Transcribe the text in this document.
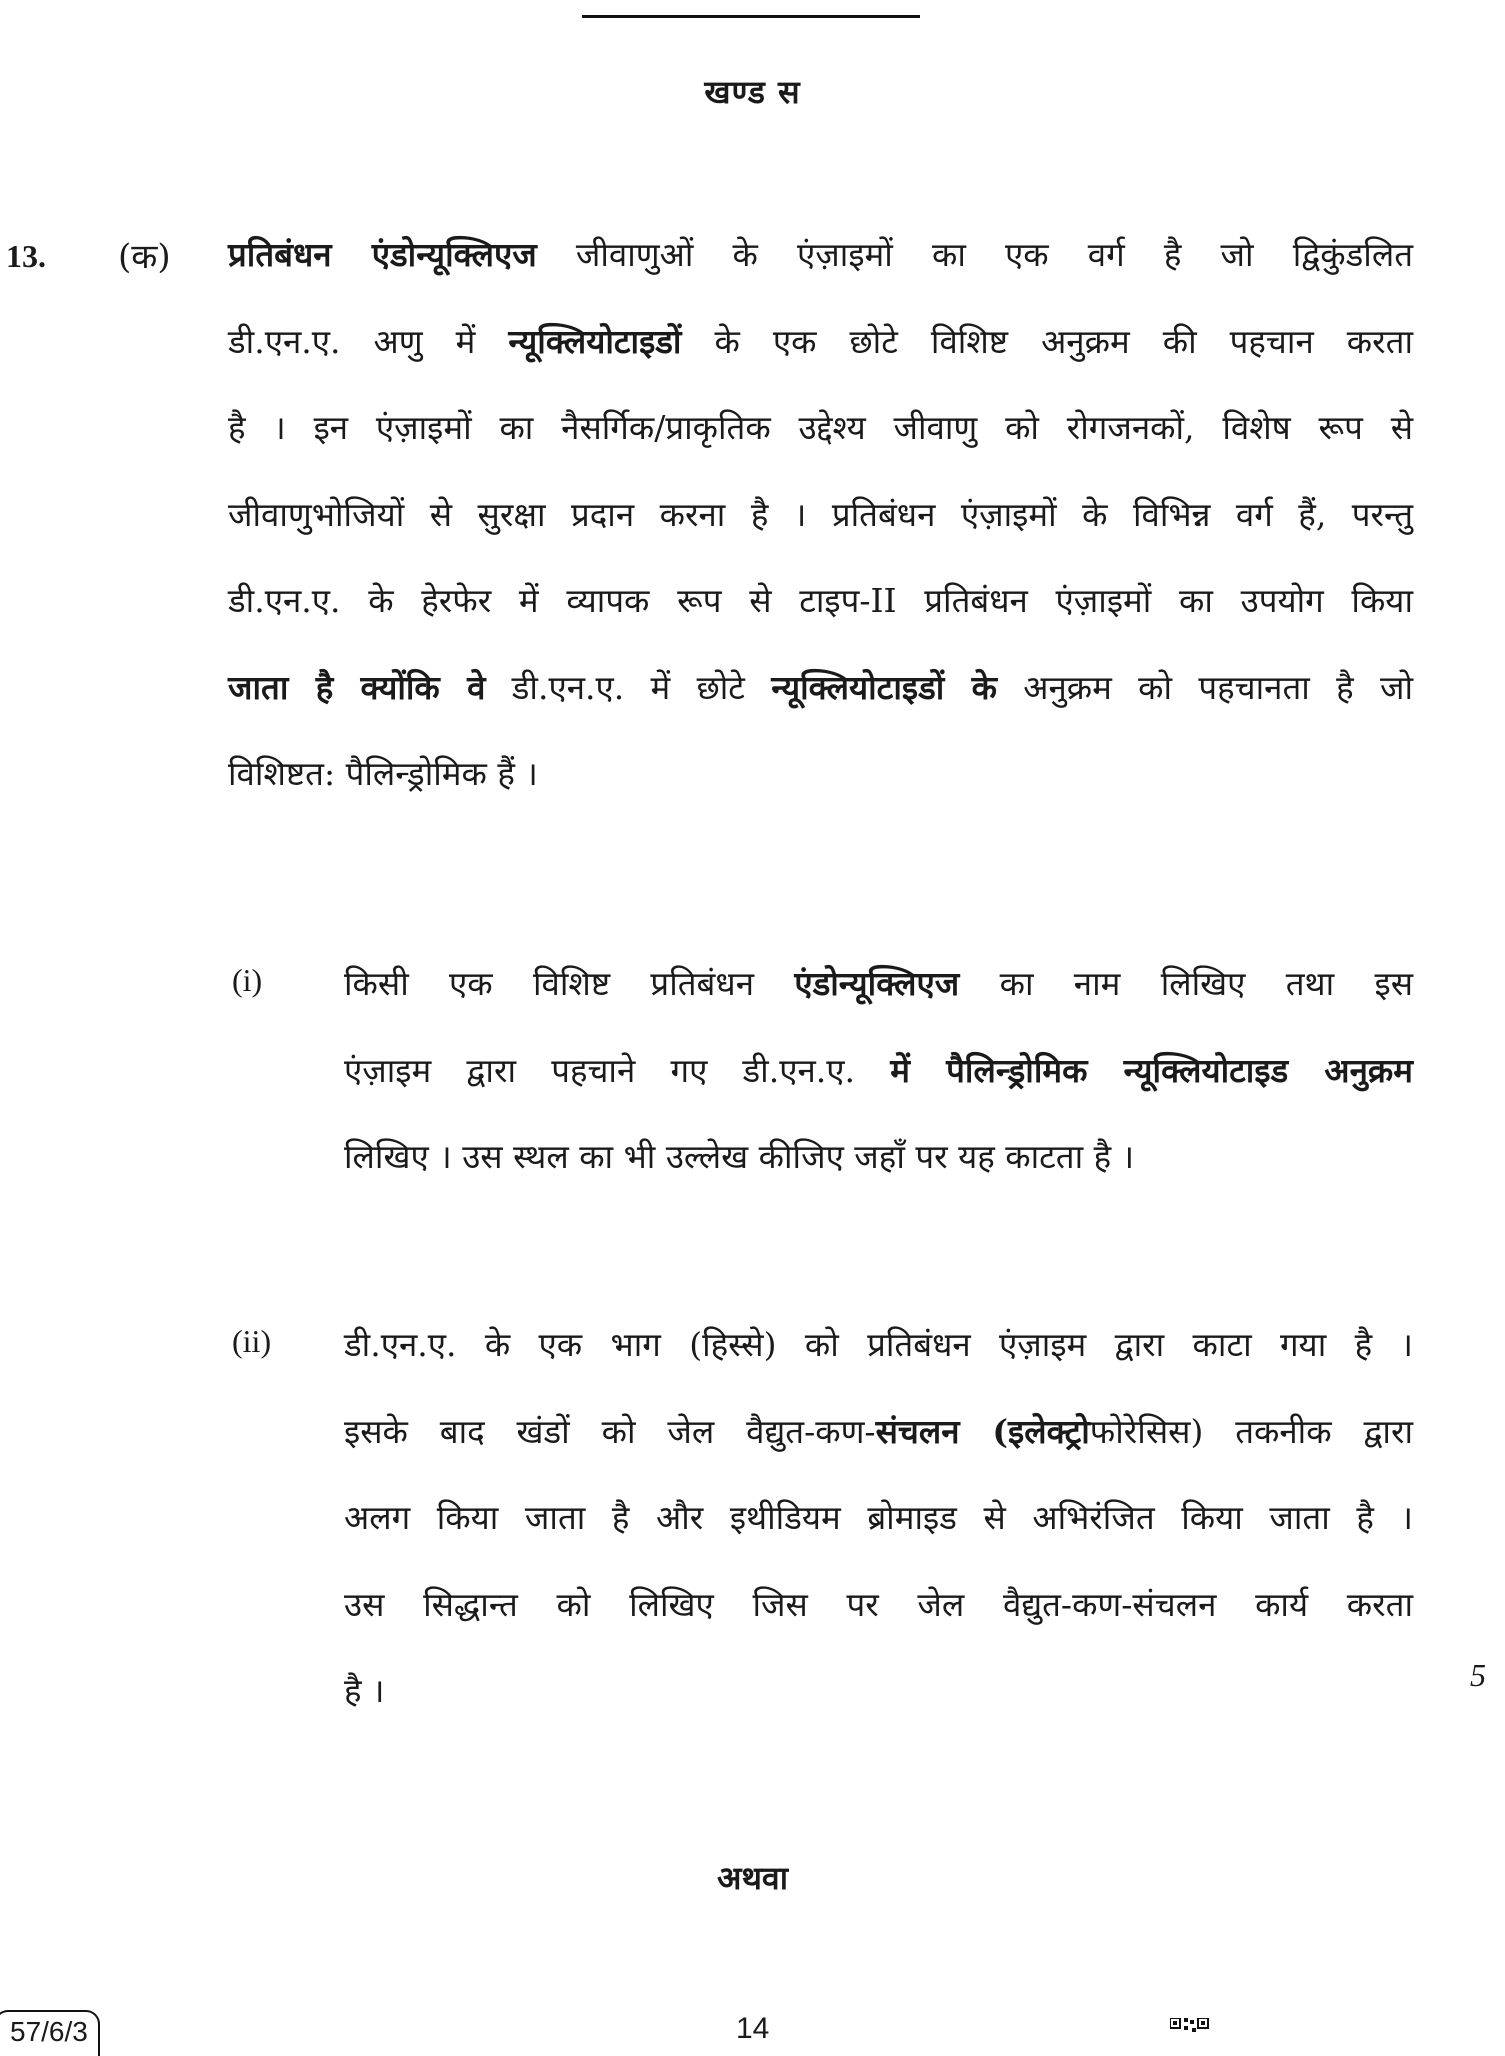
खण्ड स
13. (क) प्रतिबंधन एंडोन्यूक्लिएज जीवाणुओं के एंज़ाइमों का एक वर्ग है जो द्विकुंडलित
डी.एन.ए. अणु में न्यूक्लियोटाइडों के एक छोटे विशिष्ट अनुक्रम की पहचान करता
है । इन एंज़ाइमों का नैसर्गिक/प्राकृतिक उद्देश्य जीवाणु को रोगजनकों, विशेष रूप से
जीवाणुभोजियों से सुरक्षा प्रदान करना है । प्रतिबंधन एंज़ाइमों के विभिन्न वर्ग हैं, परन्तु
डी.एन.ए. के हेरफेर में व्यापक रूप से टाइप-II प्रतिबंधन एंज़ाइमों का उपयोग किया
जाता है क्योंकि वे डी.एन.ए. में छोटे न्यूक्लियोटाइडों के अनुक्रम को पहचानता है जो
विशिष्टत: पैलिन्ड्रोमिक हैं ।
(i) किसी एक विशिष्ट प्रतिबंधन एंडोन्यूक्लिएज का नाम लिखिए तथा इस
एंज़ाइम द्वारा पहचाने गए डी.एन.ए. में पैलिन्ड्रोमिक न्यूक्लियोटाइड अनुक्रम
लिखिए । उस स्थल का भी उल्लेख कीजिए जहाँ पर यह काटता है ।
(ii) डी.एन.ए. के एक भाग (हिस्से) को प्रतिबंधन एंज़ाइम द्वारा काटा गया है ।
इसके बाद खंडों को जेल वैद्युत-कण-संचलन (इलेक्ट्रोफोरेसिस) तकनीक द्वारा
अलग किया जाता है और इथीडियम ब्रोमाइड से अभिरंजित किया जाता है ।
उस सिद्धान्त को लिखिए जिस पर जेल वैद्युत-कण-संचलन कार्य करता
है ।	5
अथवा
57/6/3	14
